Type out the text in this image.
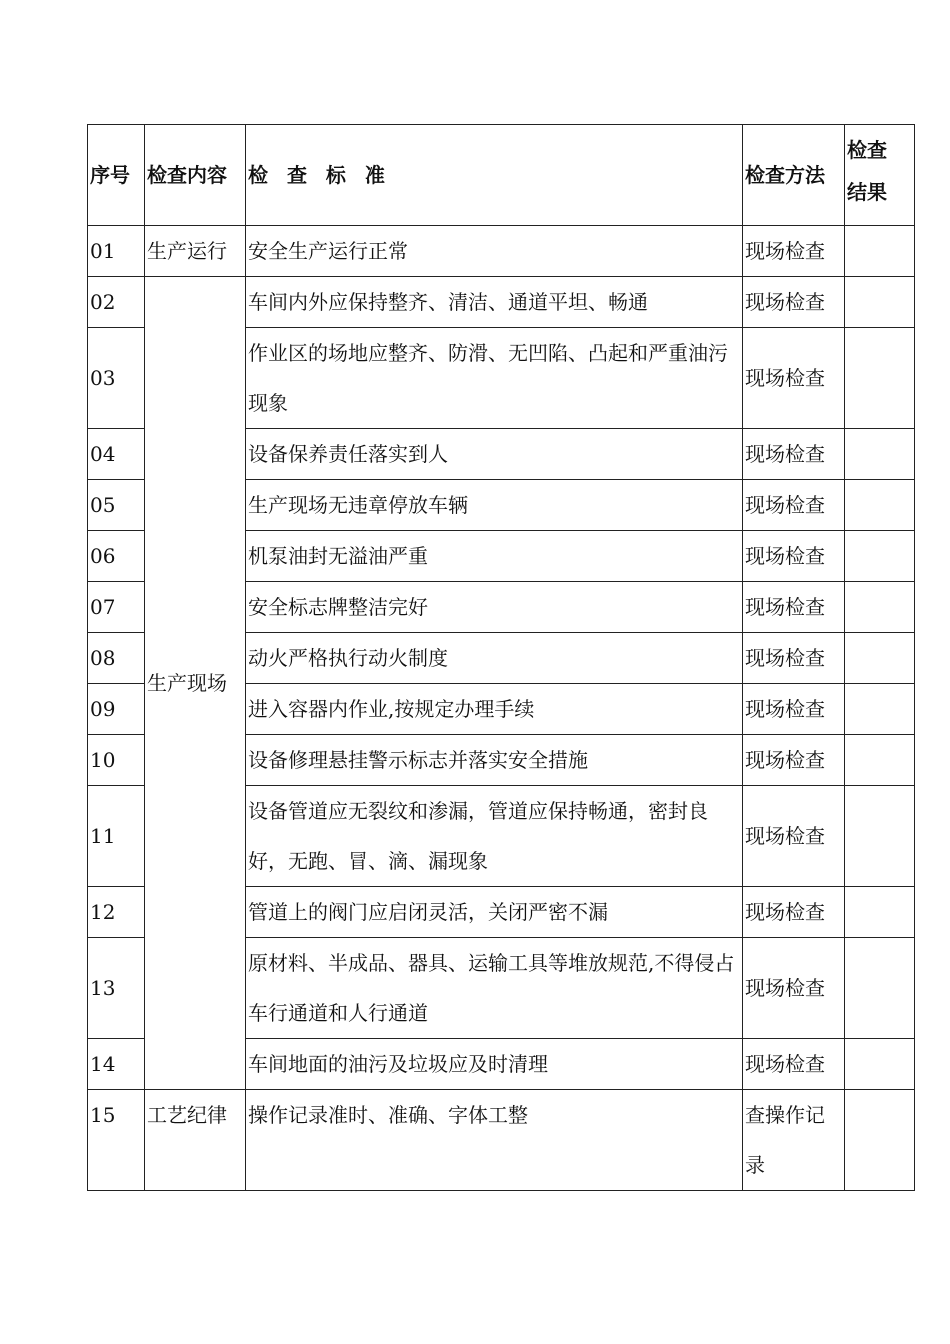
序号	检查内容	检 查 标 准	检查方法	检查
结果

01	生产运行	安全生产运行正常	现场检查	
02	生产现场	车间内外应保持整齐、清洁、通道平坦、畅通	现场检查	
03		作业区的场地应整齐、防滑、无凹陷、凸起和严重油污现象	现场检查	
04		设备保养责任落实到人	现场检查	
05		生产现场无违章停放车辆	现场检查	
06		机泵油封无溢油严重	现场检查	
07		安全标志牌整洁完好	现场检查	
08		动火严格执行动火制度	现场检查	
09		进入容器内作业,按规定办理手续	现场检查	
10		设备修理悬挂警示标志并落实安全措施	现场检查	
11		设备管道应无裂纹和渗漏，管道应保持畅通，密封良好，无跑、冒、滴、漏现象	现场检查	
12		管道上的阀门应启闭灵活，关闭严密不漏	现场检查	
13		原材料、半成品、器具、运输工具等堆放规范,不得侵占车行通道和人行通道	现场检查	
14		车间地面的油污及垃圾应及时清理	现场检查	
15	工艺纪律	操作记录准时、准确、字体工整	查操作记录	
